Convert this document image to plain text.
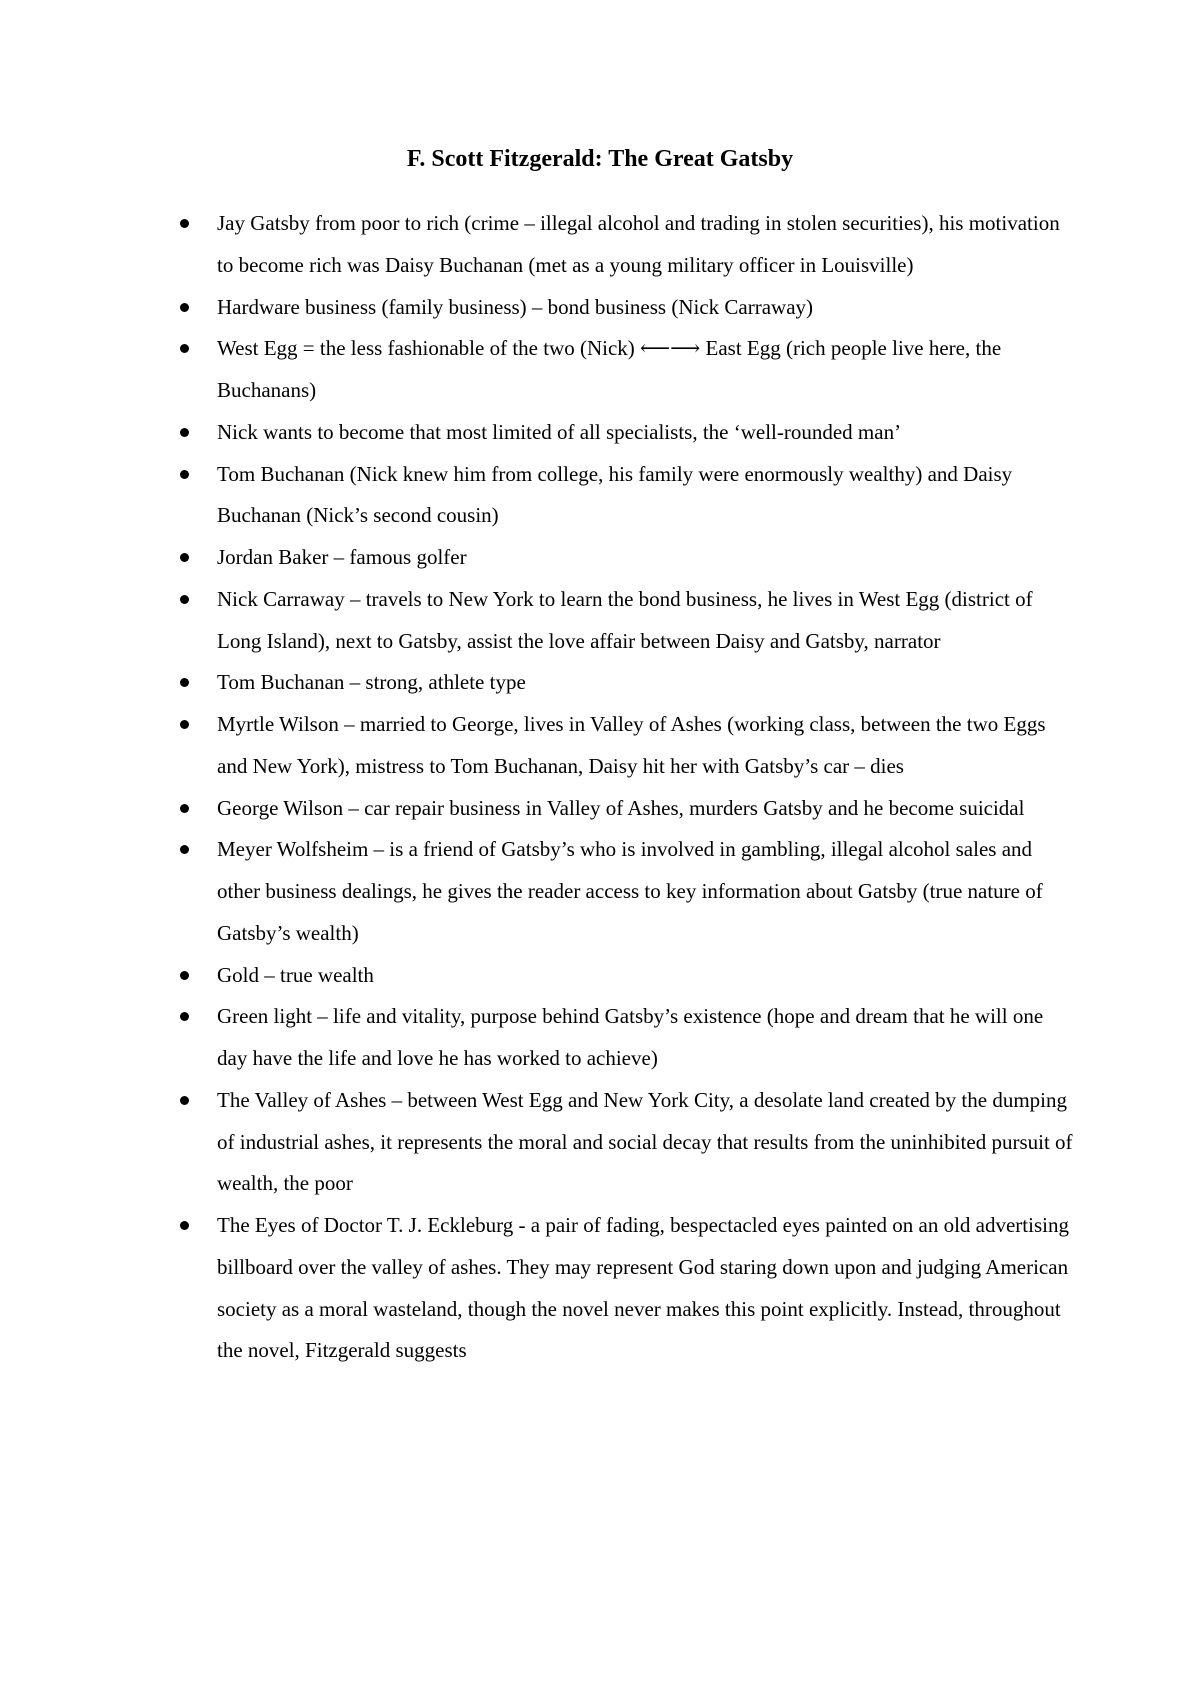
F. Scott Fitzgerald: The Great Gatsby
Jay Gatsby from poor to rich (crime – illegal alcohol and trading in stolen securities), his motivation to become rich was Daisy Buchanan (met as a young military officer in Louisville)
Hardware business (family business) – bond business (Nick Carraway)
West Egg = the less fashionable of the two (Nick) ⟵⟶ East Egg (rich people live here, the Buchanans)
Nick wants to become that most limited of all specialists, the ‘well-rounded man’
Tom Buchanan (Nick knew him from college, his family were enormously wealthy) and Daisy Buchanan (Nick’s second cousin)
Jordan Baker – famous golfer
Nick Carraway – travels to New York to learn the bond business, he lives in West Egg (district of Long Island), next to Gatsby, assist the love affair between Daisy and Gatsby, narrator
Tom Buchanan – strong, athlete type
Myrtle Wilson – married to George, lives in Valley of Ashes (working class, between the two Eggs and New York), mistress to Tom Buchanan, Daisy hit her with Gatsby’s car – dies
George Wilson – car repair business in Valley of Ashes, murders Gatsby and he become suicidal
Meyer Wolfsheim – is a friend of Gatsby’s who is involved in gambling, illegal alcohol sales and other business dealings, he gives the reader access to key information about Gatsby (true nature of Gatsby’s wealth)
Gold – true wealth
Green light – life and vitality, purpose behind Gatsby’s existence (hope and dream that he will one day have the life and love he has worked to achieve)
The Valley of Ashes – between West Egg and New York City, a desolate land created by the dumping of industrial ashes, it represents the moral and social decay that results from the uninhibited pursuit of wealth, the poor
The Eyes of Doctor T. J. Eckleburg - a pair of fading, bespectacled eyes painted on an old advertising billboard over the valley of ashes. They may represent God staring down upon and judging American society as a moral wasteland, though the novel never makes this point explicitly. Instead, throughout the novel, Fitzgerald suggests
